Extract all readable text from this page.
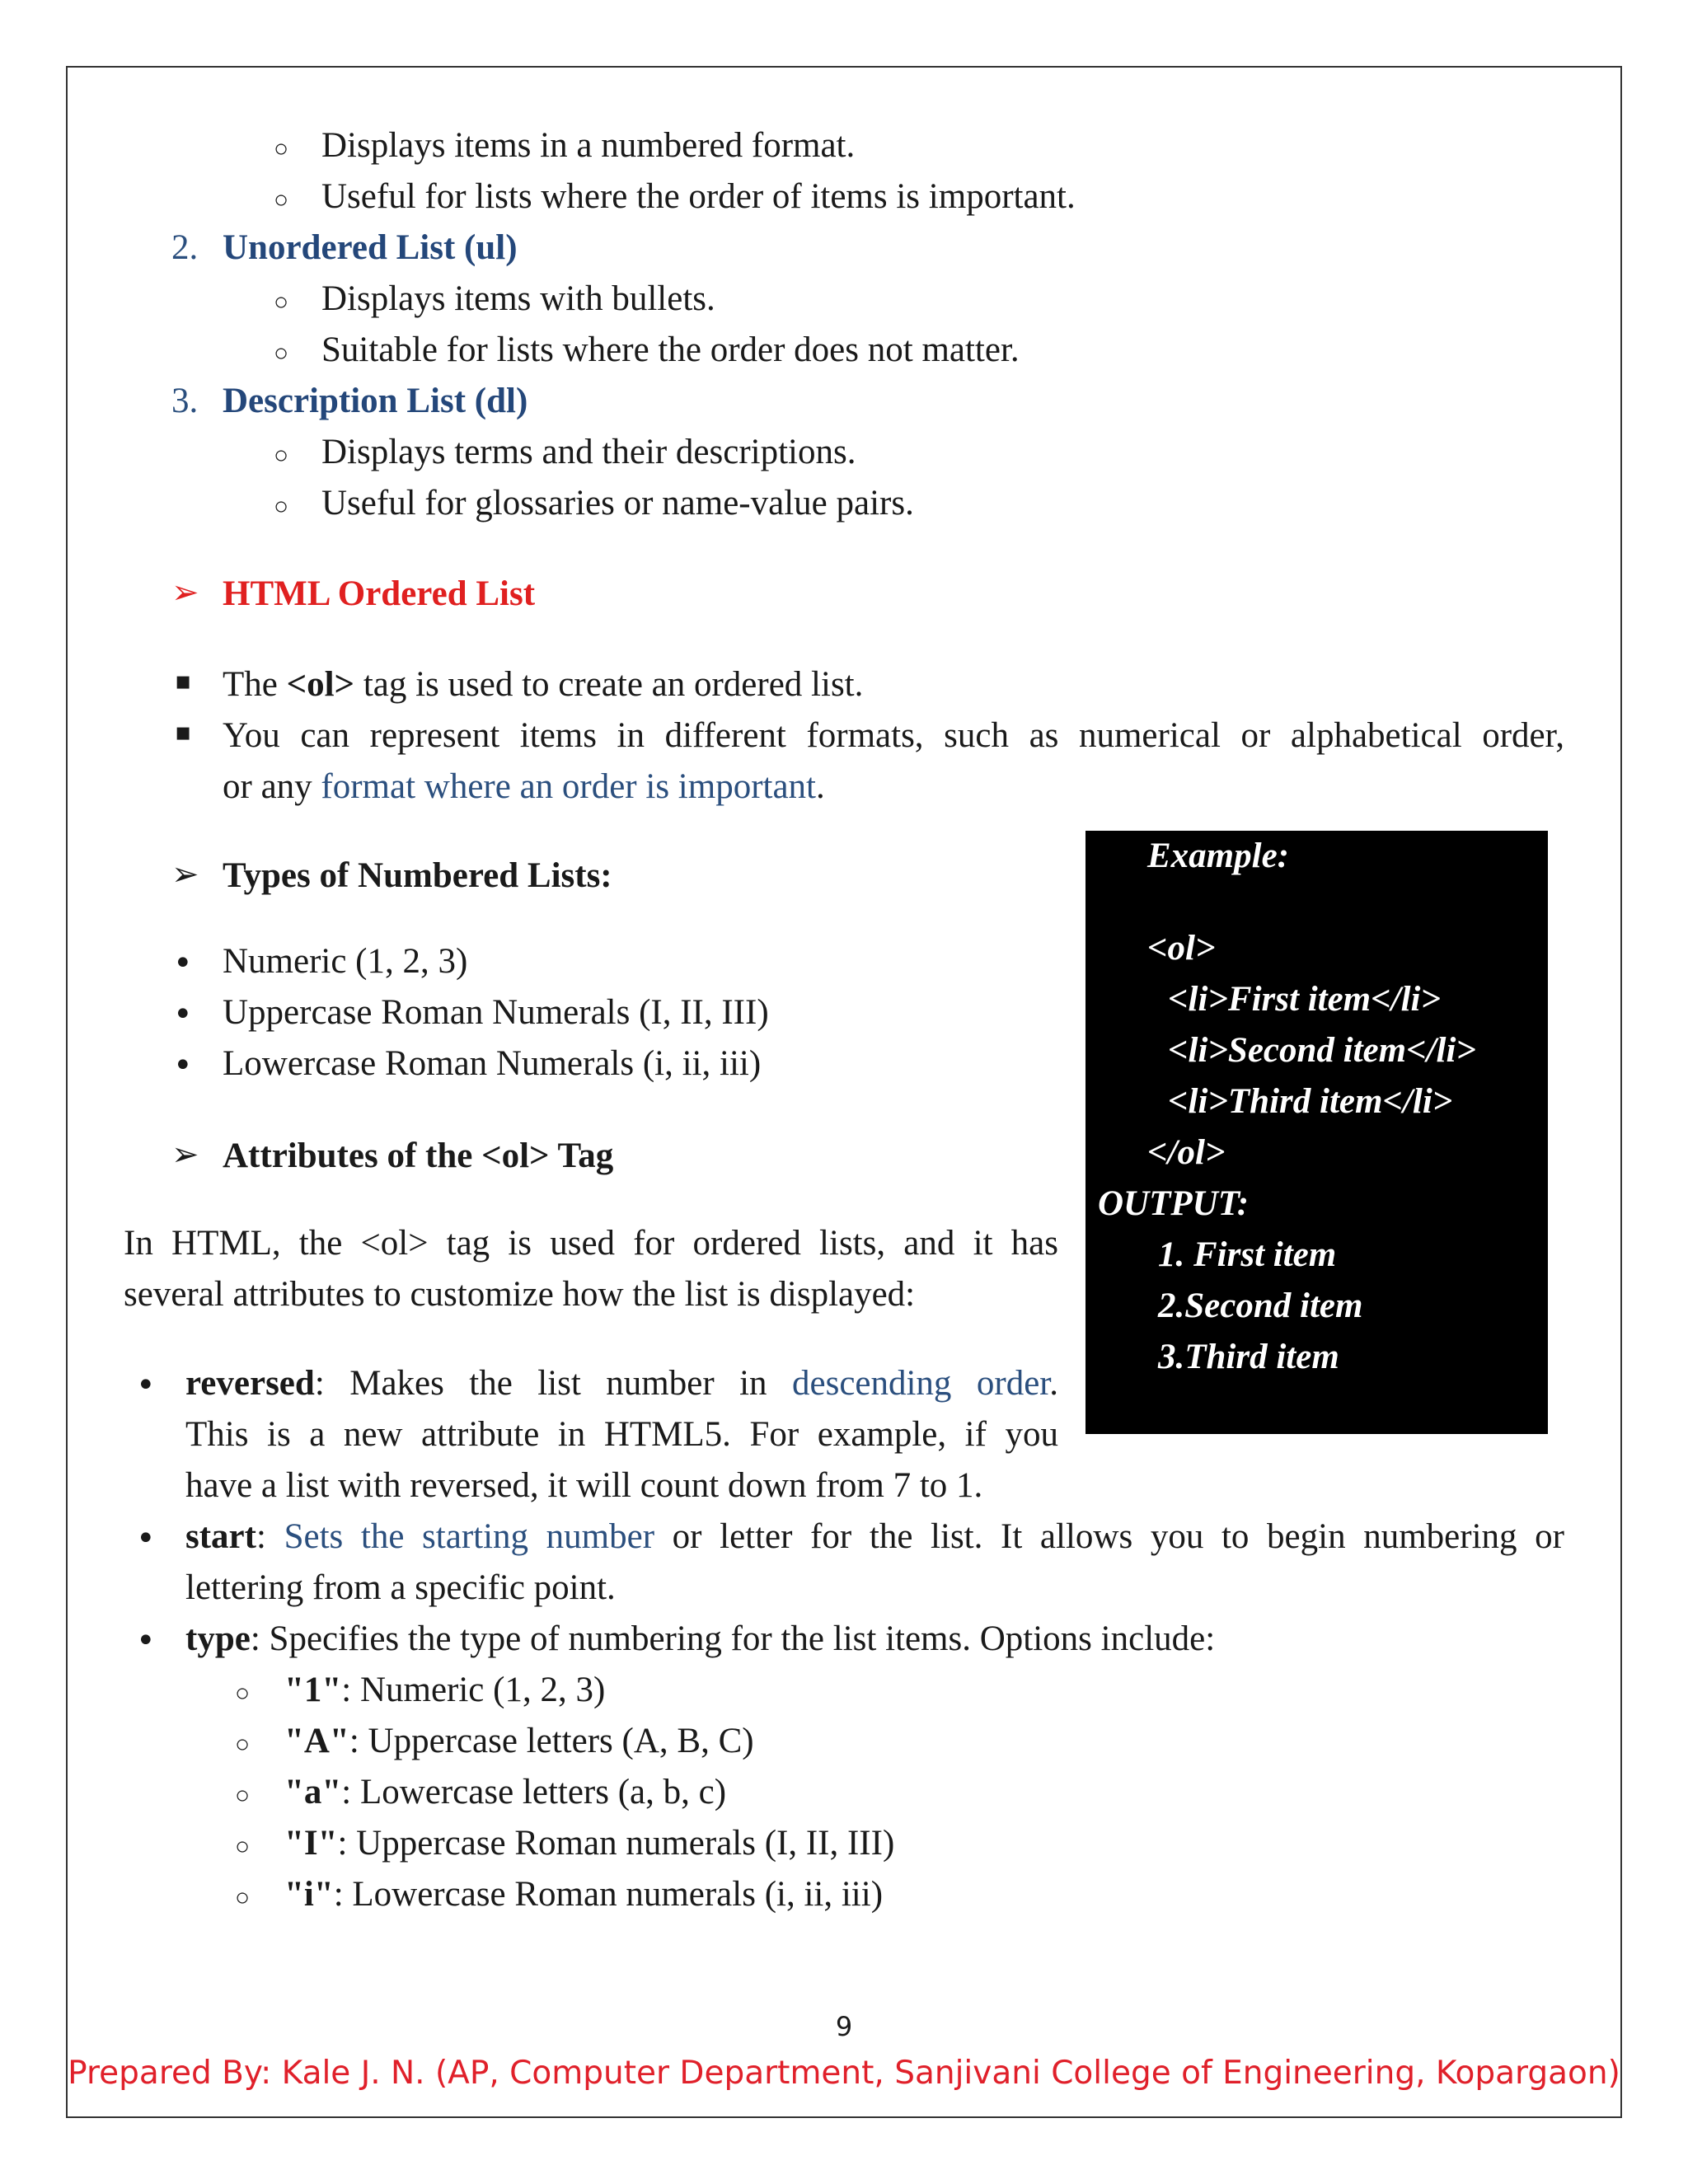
○ Displays items in a numbered format.
○ Useful for lists where the order of items is important.
2. Unordered List (ul)
○ Displays items with bullets.
○ Suitable for lists where the order does not matter.
3. Description List (dl)
○ Displays terms and their descriptions.
○ Useful for glossaries or name-value pairs.
➢ HTML Ordered List
▪ The <ol> tag is used to create an ordered list.
▪ You can represent items in different formats, such as numerical or alphabetical order,
or any format where an order is important.
➢ Types of Numbered Lists:
• Numeric (1, 2, 3)
• Uppercase Roman Numerals (I, II, III)
• Lowercase Roman Numerals (i, ii, iii)
➢ Attributes of the <ol> Tag
In HTML, the <ol> tag is used for ordered lists, and it has
several attributes to customize how the list is displayed:
• reversed: Makes the list number in descending order.
This is a new attribute in HTML5. For example, if you
have a list with reversed, it will count down from 7 to 1.
• start: Sets the starting number or letter for the list. It allows you to begin numbering or
lettering from a specific point.
• type: Specifies the type of numbering for the list items. Options include:
○ "1": Numeric (1, 2, 3)
○ "A": Uppercase letters (A, B, C)
○ "a": Lowercase letters (a, b, c)
○ "I": Uppercase Roman numerals (I, II, III)
○ "i": Lowercase Roman numerals (i, ii, iii)
Example:
<ol>
<li>First item</li>
<li>Second item</li>
<li>Third item</li>
</ol>
OUTPUT:
1. First item
2.Second item
3.Third item
9
Prepared By: Kale J. N. (AP, Computer Department, Sanjivani College of Engineering, Kopargaon)
